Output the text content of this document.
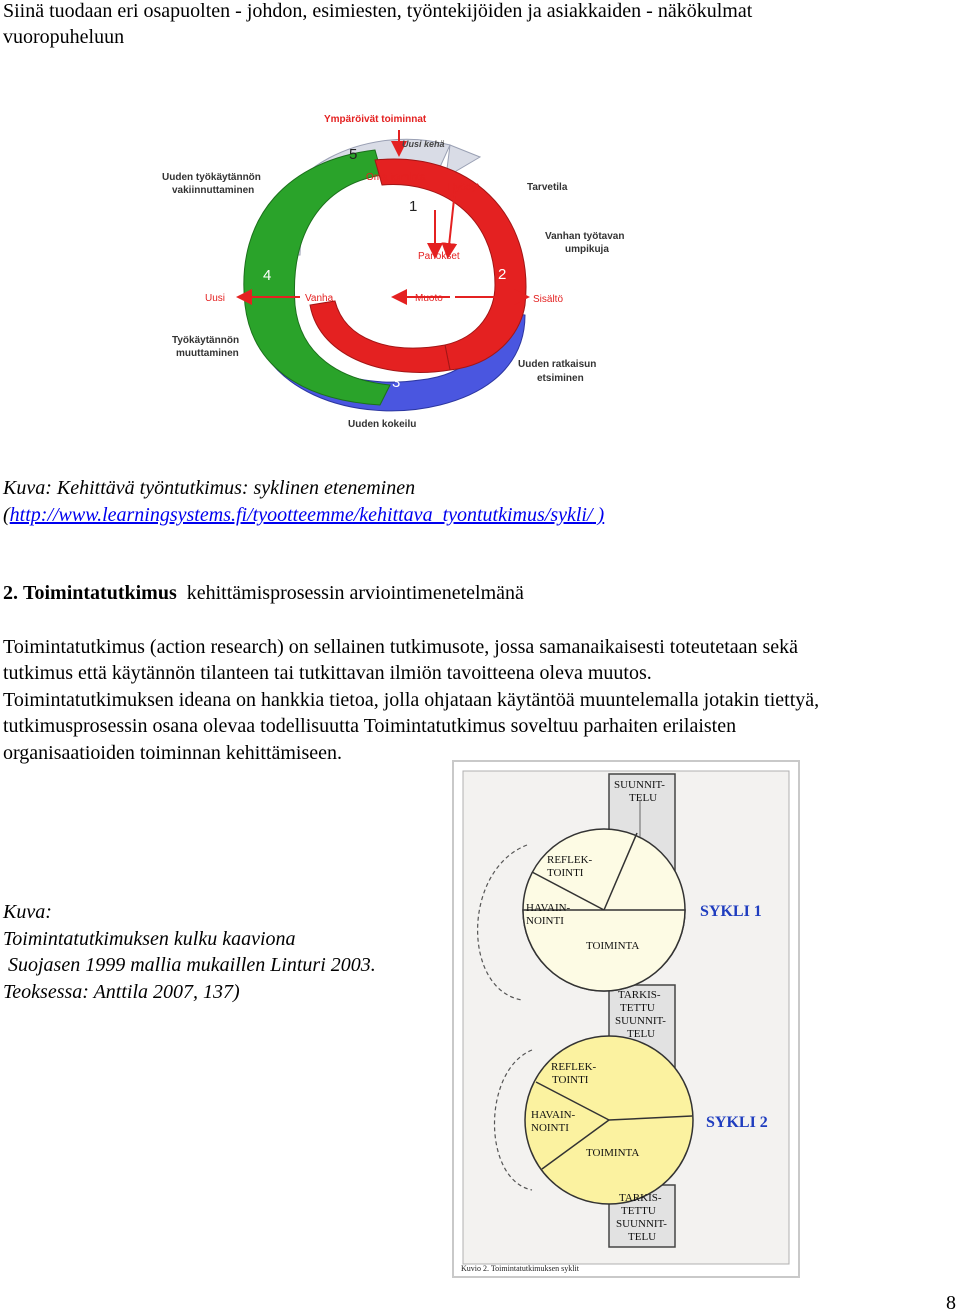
Siinä tuodaan eri osapuolten - johdon, esimiesten, työntekijöiden ja asiakkaiden - näkökulmat

vuoropuheluun

Ympäröivät toiminnat
Uusi kehä
Oma toiminta
Hyödyt	Tarvetila
Uuden työkäytännön
vakiinnuttaminen
Vanhan työtavan
umpikuja
Panokset
Uusi	Vanha	Muoto	Sisältö
Työkäytännön
muuttaminen
Uuden ratkaisun
etsiminen
Uuden kokeilu
1
2
3
4
5

Kuva: Kehittävä työntutkimus: syklinen eteneminen

(http://www.learningsystems.fi/tyootteemme/kehittava_tyontutkimus/sykli/ )

2. Toimintatutkimus kehittämisprosessin arviointimenetelmänä

Toimintatutkimus (action research) on sellainen tutkimusote, jossa samanaikaisesti toteutetaan sekä

tutkimus että käytännön tilanteen tai tutkittavan ilmiön tavoitteena oleva muutos.

Toimintatutkimuksen ideana on hankkia tietoa, jolla ohjataan käytäntöä muuntelemalla jotakin tiettyä,

tutkimusprosessin osana olevaa todellisuutta Toimintatutkimus soveltuu parhaiten erilaisten

organisaatioiden toiminnan kehittämiseen.

Kuva:

Toimintatutkimuksen kulku kaaviona

Suojasen 1999 mallia mukaillen Linturi 2003.

Teoksessa: Anttila 2007, 137)

SUUNNIT-
TELU
REFLEK-
TOINTI
HAVAIN-
NOINTI
TOIMINTA
TARKIS-
TETTU
SUUNNIT-
TELU
REFLEK-
TOINTI
HAVAIN-
NOINTI
TOIMINTA
TARKIS-
TETTU
SUUNNIT-
TELU
SYKLI 1
SYKLI 2
Kuvio 2. Toimintatutkimuksen syklit

8
